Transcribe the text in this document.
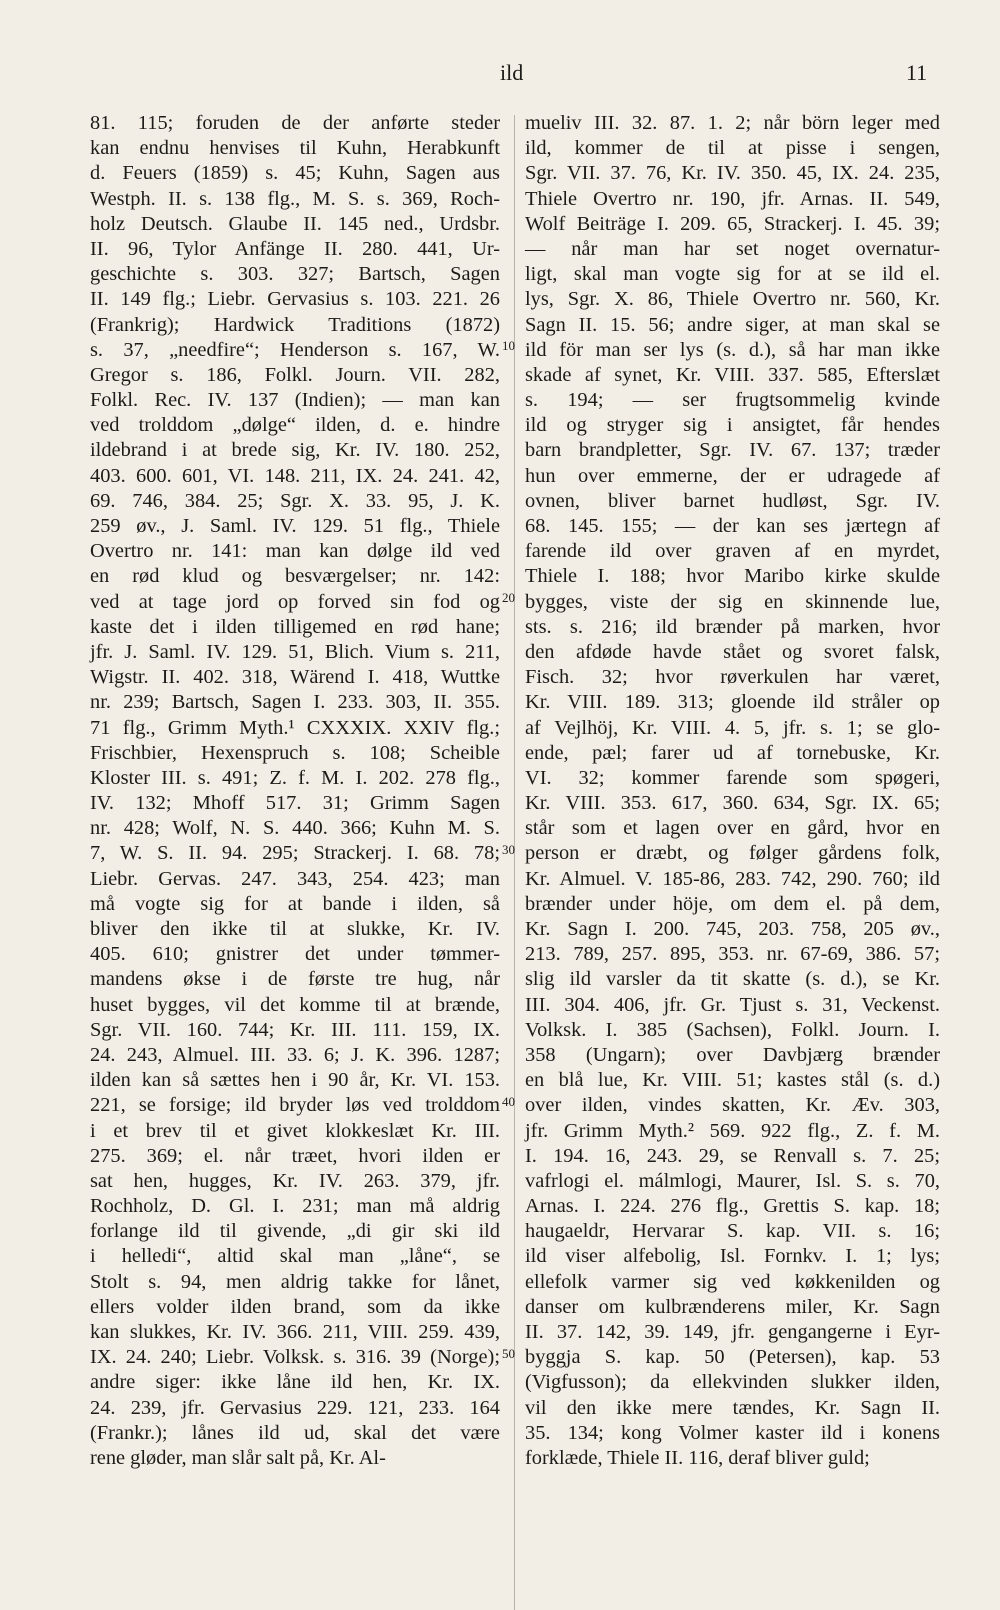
ild	11
81. 115; foruden de der anførte steder
kan endnu henvises til Kuhn, Herabkunft
d. Feuers (1859) s. 45; Kuhn, Sagen aus
Westph. II. s. 138 flg., M. S. s. 369, Roch-
holz Deutsch. Glaube II. 145 ned., Urdsbr.
II. 96, Tylor Anfänge II. 280. 441, Ur-
geschichte s. 303. 327; Bartsch, Sagen
II. 149 flg.; Liebr. Gervasius s. 103. 221. 26
(Frankrig); Hardwick Traditions (1872)
s. 37, „needfire“; Henderson s. 167, W.
Gregor s. 186, Folkl. Journ. VII. 282,
Folkl. Rec. IV. 137 (Indien); — man kan
ved trolddom „dølge“ ilden, d. e. hindre
ildebrand i at brede sig, Kr. IV. 180. 252,
403. 600. 601, VI. 148. 211, IX. 24. 241. 42,
69. 746, 384. 25; Sgr. X. 33. 95, J. K.
259 øv., J. Saml. IV. 129. 51 flg., Thiele
Overtro nr. 141: man kan dølge ild ved
en rød klud og besværgelser; nr. 142:
ved at tage jord op forved sin fod og
kaste det i ilden tilligemed en rød hane;
jfr. J. Saml. IV. 129. 51, Blich. Vium s. 211,
Wigstr. II. 402. 318, Wärend I. 418, Wuttke
nr. 239; Bartsch, Sagen I. 233. 303, II. 355.
71 flg., Grimm Myth.¹ CXXXIX. XXIV flg.;
Frischbier, Hexenspruch s. 108; Scheible
Kloster III. s. 491; Z. f. M. I. 202. 278 flg.,
IV. 132; Mhoff 517. 31; Grimm Sagen
nr. 428; Wolf, N. S. 440. 366; Kuhn M. S.
7, W. S. II. 94. 295; Strackerj. I. 68. 78;
Liebr. Gervas. 247. 343, 254. 423; man
må vogte sig for at bande i ilden, så
bliver den ikke til at slukke, Kr. IV.
405. 610; gnistrer det under tømmer-
mandens økse i de første tre hug, når
huset bygges, vil det komme til at brænde,
Sgr. VII. 160. 744; Kr. III. 111. 159, IX.
24. 243, Almuel. III. 33. 6; J. K. 396. 1287;
ilden kan så sættes hen i 90 år, Kr. VI. 153.
221, se forsige; ild bryder løs ved trolddom
i et brev til et givet klokkeslæt Kr. III.
275. 369; el. når træet, hvori ilden er
sat hen, hugges, Kr. IV. 263. 379, jfr.
Rochholz, D. Gl. I. 231; man må aldrig
forlange ild til givende, „di gir ski ild
i helledi“, altid skal man „låne“, se
Stolt s. 94, men aldrig takke for lånet,
ellers volder ilden brand, som da ikke
kan slukkes, Kr. IV. 366. 211, VIII. 259. 439,
IX. 24. 240; Liebr. Volksk. s. 316. 39 (Norge);
andre siger: ikke låne ild hen, Kr. IX.
24. 239, jfr. Gervasius 229. 121, 233. 164
(Frankr.); lånes ild ud, skal det være
rene gløder, man slår salt på, Kr. Al-
mueliv III. 32. 87. 1. 2; når börn leger med
ild, kommer de til at pisse i sengen,
Sgr. VII. 37. 76, Kr. IV. 350. 45, IX. 24. 235,
Thiele Overtro nr. 190, jfr. Arnas. II. 549,
Wolf Beiträge I. 209. 65, Strackerj. I. 45. 39;
— når man har set noget overnatur-
ligt, skal man vogte sig for at se ild el.
lys, Sgr. X. 86, Thiele Overtro nr. 560, Kr.
Sagn II. 15. 56; andre siger, at man skal se
ild för man ser lys (s. d.), så har man ikke
skade af synet, Kr. VIII. 337. 585, Efterslæt
s. 194; — ser frugtsommelig kvinde
ild og stryger sig i ansigtet, får hendes
barn brandpletter, Sgr. IV. 67. 137; træder
hun over emmerne, der er udragede af
ovnen, bliver barnet hudløst, Sgr. IV.
68. 145. 155; — der kan ses jærtegn af
farende ild over graven af en myrdet,
Thiele I. 188; hvor Maribo kirke skulde
bygges, viste der sig en skinnende lue,
sts. s. 216; ild brænder på marken, hvor
den afdøde havde stået og svoret falsk,
Fisch. 32; hvor røverkulen har været,
Kr. VIII. 189. 313; gloende ild stråler op
af Vejlhöj, Kr. VIII. 4. 5, jfr. s. 1; se glo-
ende, pæl; farer ud af tornebuske, Kr.
VI. 32; kommer farende som spøgeri,
Kr. VIII. 353. 617, 360. 634, Sgr. IX. 65;
står som et lagen over en gård, hvor en
person er dræbt, og følger gårdens folk,
Kr. Almuel. V. 185-86, 283. 742, 290. 760; ild
brænder under höje, om dem el. på dem,
Kr. Sagn I. 200. 745, 203. 758, 205 øv.,
213. 789, 257. 895, 353. nr. 67-69, 386. 57;
slig ild varsler da tit skatte (s. d.), se Kr.
III. 304. 406, jfr. Gr. Tjust s. 31, Veckenst.
Volksk. I. 385 (Sachsen), Folkl. Journ. I.
358 (Ungarn); over Davbjærg brænder
en blå lue, Kr. VIII. 51; kastes stål (s. d.)
over ilden, vindes skatten, Kr. Æv. 303,
jfr. Grimm Myth.² 569. 922 flg., Z. f. M.
I. 194. 16, 243. 29, se Renvall s. 7. 25;
vafrlogi el. málmlogi, Maurer, Isl. S. s. 70,
Arnas. I. 224. 276 flg., Grettis S. kap. 18;
haugaeldr, Hervarar S. kap. VII. s. 16;
ild viser alfebolig, Isl. Fornkv. I. 1; lys;
ellefolk varmer sig ved køkkenilden og
danser om kulbrænderens miler, Kr. Sagn
II. 37. 142, 39. 149, jfr. gengangerne i Eyr-
byggja S. kap. 50 (Petersen), kap. 53
(Vigfusson); da ellekvinden slukker ilden,
vil den ikke mere tændes, Kr. Sagn II.
35. 134; kong Volmer kaster ild i konens
forklæde, Thiele II. 116, deraf bliver guld;
10
20
30
40
50
